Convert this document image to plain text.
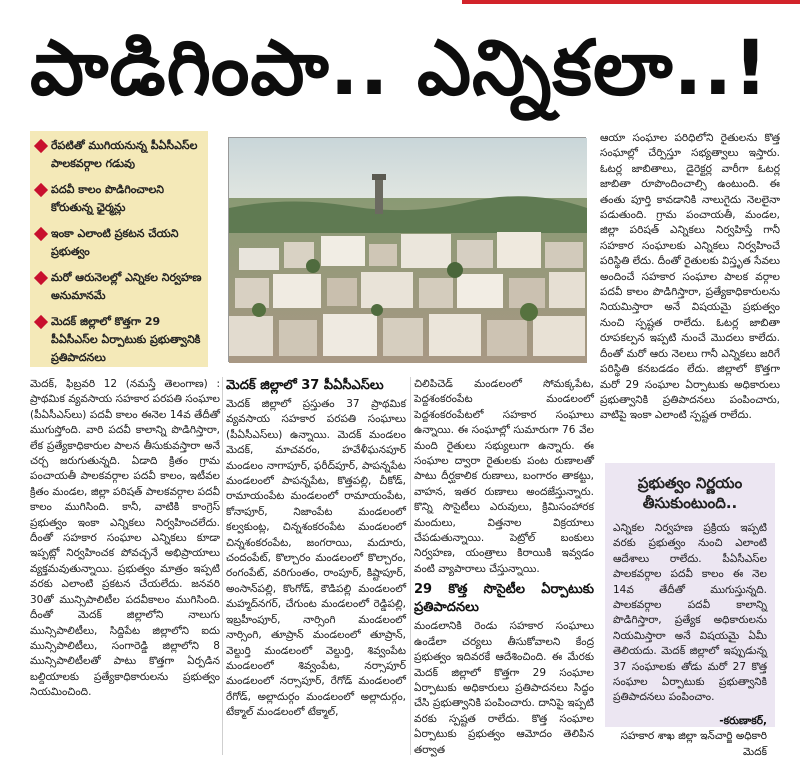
పాడిగింపా.. ఎన్నికలా..!
రేపటితో ముగియనున్న పీఏసీఎస్‌ల పాలకవర్గాల గడువు
పదవీ కాలం పొడిగించాలని కోరుతున్న ఛైర్మన్లు
ఇంకా ఎలాంటి ప్రకటన చేయని ప్రభుత్వం
మరో ఆరునెలల్లో ఎన్నికల నిర్వహణ అనుమానమే
మెదక్‌ జిల్లాలో కొత్తగా 29 పీఏసీఎస్‌ల ఏర్పాటుకు ప్రభుత్వానికి ప్రతిపాదనలు

మెదక్‌, ఫిబ్రవరి 12 (నమస్తే తెలంగాణ) : ప్రాథమిక వ్యవసాయ సహకార పరపతి సంఘాల (పీఏసీఎస్‌లు) పదవీ కాలం ఈనెల 14వ తేదీతో ముగుస్తోంది. వారి పదవీ కాలాన్ని పొడిగిస్తారా, లేక ప్రత్యేకాధికారుల పాలన తీసుకువస్తారా అనే చర్చ జరుగుతున్నది. ఏడాది క్రితం గ్రామ పంచాయతీ పాలకవర్గాల పదవీ కాలం, ఇటీవల క్రితం మండల, జిల్లా పరిషత్‌ పాలకవర్గాల పదవీ కాలం ముగిసింది. కానీ, వాటికి కాంగ్రెస్‌ ప్రభుత్వం ఇంకా ఎన్నికలు నిర్వహించలేదు. దీంతో సహకార సంఘాల ఎన్నికలు కూడా ఇప్పట్లో నిర్వహించక పోవచ్చనే అభిప్రాయాలు వ్యక్తమవుతున్నాయి. ప్రభుత్వం మాత్రం ఇప్పటి వరకు ఎలాంటి ప్రకటన చేయలేదు. జనవరి 30తో మున్సిపాలిటీల పదవీకాలం ముగిసింది. దీంతో మెదక్‌ జిల్లాలోని నాలుగు మున్సిపాలిటీలు, సిద్దిపేట జిల్లాలోని ఐదు మున్సిపాలిటీలు, సంగారెడ్డి జిల్లాలోని 8 మున్సిపాలిటీలతో పాటు కొత్తగా ఏర్పడిన బల్దియాలకు ప్రత్యేకాధికారులను ప్రభుత్వం నియమించింది.

మెదక్‌ జిల్లాలో 37 పీఏసీఎస్‌లు

మెదక్‌ జిల్లాలో ప్రస్తుతం 37 ప్రాథమిక వ్యవసాయ సహకార పరపతి సంఘాలు (పీఏసీఎస్‌లు) ఉన్నాయి. మెదక్‌ మండలం మెదక్‌, మాచవరం, హవేళీఘనపూర్‌ మండలం నాగాపూర్‌, ఫరీద్‌పూర్‌, పాపన్నపేట మండలంలో పాపన్నపేట, కొత్తపల్లి, చీకోడ్‌, రామాయంపేట మండలంలో రామాయంపేట, కోనాపూర్‌, నిజాంపేట మండలంలో కల్వకుంట్ల, చిన్నశంకరంపేట మండలంలో చిన్నశంకరంపేట, జంగరాయి, మదూరు, చందంపేట్‌, కొల్చారం మండలంలో కొల్చారం, రంగంపేట్‌, వరిగుంతం, రాంపూర్‌, కిష్టాపూర్‌, అంసాన్‌పల్లి, కొంగోడ్‌, కౌడిపల్లి మండలంలో మహ్మద్‌నగర్‌, చేగుంట మండలంలో రెడ్డిపల్లి, ఇబ్రహీంపూర్‌, నార్సింగి మండలంలో నార్సింగి, తూప్రాన్‌ మండలంలో తూప్రాన్‌, వెల్దుర్తి మండలంలో వెల్దుర్తి, శివ్వంపేట మండలంలో శివ్వంపేట, నర్సాపూర్‌ మండలంలో నర్సాపూర్‌, రేగోడ్‌ మండలంలో రేగోడ్‌, అల్లాదుర్గం మండలంలో అల్లాదుర్గం, టేక్మాల్‌ మండలంలో టేక్మాల్‌,

చిలిపిచెడ్‌ మండలంలో సోమక్కపేట, పెద్దశంకరంపేట మండలంలో పెద్దశంకరంపేటలో సహకార సంఘాలు ఉన్నాయి. ఈ సంఘాల్లో సుమారుగా 76 వేల మంది రైతులు సభ్యులుగా ఉన్నారు. ఈ సంఘాల ద్వారా రైతులకు పంట రుణాలతో పాటు దీర్ఘకాలిక రుణాలు, బంగారం తాకట్టు, వాహన, ఇతర రుణాలు అందజేస్తున్నారు. కొన్ని సొసైటీలు ఎరువులు, క్రిమిసంహారక మందులు, విత్తనాల విక్రయాలు చేపడుతున్నాయి. పెట్రోల్‌ బంకులు నిర్వహణ, యంత్రాలు కిరాయికి ఇవ్వడం వంటి వ్యాపారాలు చేస్తున్నాయి.

29 కొత్త సొసైటీల ఏర్పాటుకు ప్రతిపాదనలు

మండలానికి రెండు సహకార సంఘాలు ఉండేలా చర్యలు తీసుకోవాలని కేంద్ర ప్రభుత్వం ఇదివరకే ఆదేశించింది. ఈ మేరకు మెదక్‌ జిల్లాలో కొత్తగా 29 సంఘాల ఏర్పాటుకు అధికారులు ప్రతిపాదనలు సిద్ధం చేసి ప్రభుత్వానికి పంపించారు. దానిపై ఇప్పటి వరకు స్పష్టత రాలేదు. కొత్త సంఘాల ఏర్పాటుకు ప్రభుత్వం ఆమోదం తెలిపిన తర్వాత

ఆయా సంఘాల పరిధిలోని రైతులను కొత్త సంఘాల్లో చేర్పిస్తూ సభ్యత్వాలు ఇస్తారు. ఓటర్ల జాబితాలు, డైరెక్టర్ల వారీగా ఓటర్ల జాబితా రూపొందించాల్సి ఉంటుంది. ఈ తంతు పూర్తి కావడానికి నాలుగైదు నెలలైనా పడుతుంది. గ్రామ పంచాయతీ, మండల, జిల్లా పరిషత్‌ ఎన్నికలు నిర్వహిస్తే గానీ సహకార సంఘాలకు ఎన్నికలు నిర్వహించే పరిస్థితి లేదు. దీంతో రైతులకు విస్తృత సేవలు అందించే సహకార సంఘాల పాలక వర్గాల పదవీ కాలం పొడిగిస్తారా, ప్రత్యేకాధికారులను నియమిస్తారా అనే విషయమై ప్రభుత్వం నుంచి స్పష్టత రాలేదు. ఓటర్ల జాబితా రూపకల్పన ఇప్పటి నుంచే మొదలు కాలేదు. దీంతో మరో ఆరు నెలలు గానీ ఎన్నికలు జరిగే పరిస్థితి కనబడడం లేదు. జిల్లాలో కొత్తగా మరో 29 సంఘాల ఏర్పాటుకు అధికారులు ప్రభుత్వానికి ప్రతిపాదనలు పంపించారు, వాటిపై ఇంకా ఎలాంటి స్పష్టత రాలేదు.

ప్రభుత్వం నిర్ణయం తీసుకుంటుంది..
ఎన్నికల నిర్వహణ ప్రక్రియ ఇప్పటి వరకు ప్రభుత్వం నుంచి ఎలాంటి ఆదేశాలు రాలేదు. పీఏసీఎస్‌ల పాలకవర్గాల పదవీ కాలం ఈ నెల 14వ తేదీతో ముగుస్తున్నది. పాలకవర్గాల పదవీ కాలాన్ని పొడిగిస్తారా, ప్రత్యేక అధికారులను నియమిస్తారా అనే విషయమై ఏమీ తెలియదు. మెదక్‌ జిల్లాలో ఇప్పుడున్న 37 సంఘాలకు తోడు మరో 27 కొత్త సంఘాల ఏర్పాటుకు ప్రభుత్వానికి ప్రతిపాదనలు పంపించాం.
-కరుణాకర్‌,
సహకార శాఖ జిల్లా ఇన్‌చార్జి అధికారి మెదక్‌
